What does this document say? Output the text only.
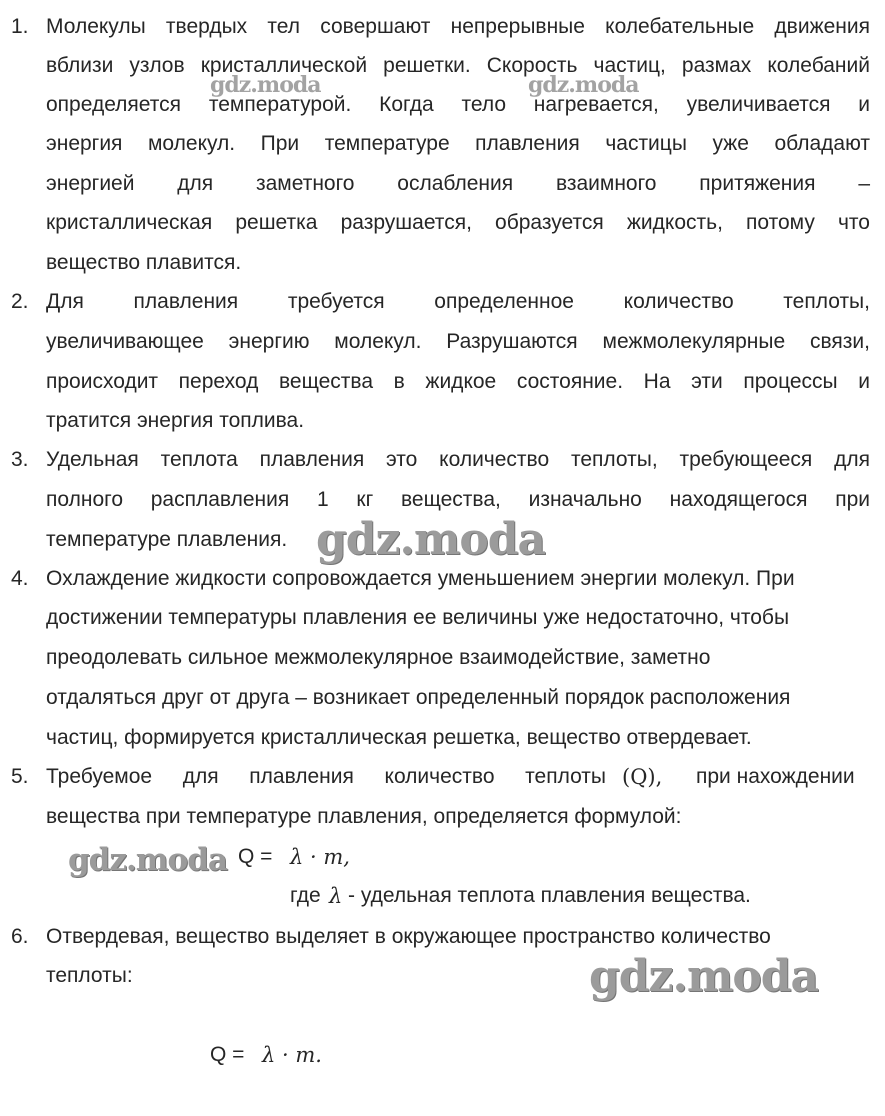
1. Молекулы твердых тел совершают непрерывные колебательные движения
вблизи узлов кристаллической решетки. Скорость частиц, размах колебаний
определяется температурой. Когда тело нагревается, увеличивается и
энергия молекул. При температуре плавления частицы уже обладают
энергией для заметного ослабления взаимного притяжения –
кристаллическая решетка разрушается, образуется жидкость, потому что
вещество плавится.
2. Для плавления требуется определенное количество теплоты,
увеличивающее энергию молекул. Разрушаются межмолекулярные связи,
происходит переход вещества в жидкое состояние. На эти процессы и
тратится энергия топлива.
3. Удельная теплота плавления это количество теплоты, требующееся для
полного расплавления 1 кг вещества, изначально находящегося при
температуре плавления.
4. Охлаждение жидкости сопровождается уменьшением энергии молекул. При
достижении температуры плавления ее величины уже недостаточно, чтобы
преодолевать сильное межмолекулярное взаимодействие, заметно
отдаляться друг от друга – возникает определенный порядок расположения
частиц, формируется кристаллическая решетка, вещество отвердевает.
5. Требуемое для плавления количество теплоты (Q), при нахождении
вещества при температуре плавления, определяется формулой:
Q = λ · m,
где λ - удельная теплота плавления вещества.
6. Отвердевая, вещество выделяет в окружающее пространство количество
теплоты:
Q = λ · m.
gdz.moda	gdz.moda
gdz.moda
gdz.moda
gdz.moda
